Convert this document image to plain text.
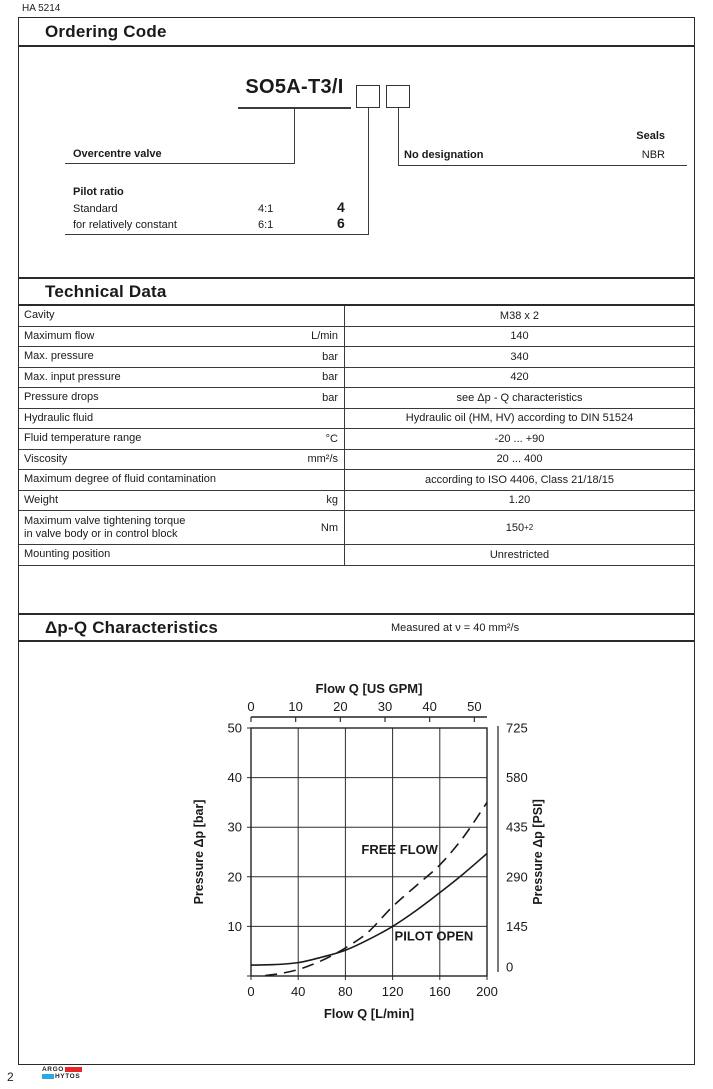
HA 5214
Ordering Code
SO5A-T3/I
Overcentre valve
Pilot ratio
Standard	4:1	4
for relatively constant	6:1	6
Seals
No designation	NBR
Technical Data
Cavity	M38 x 2
Maximum flow	L/min	140
Max. pressure	bar	340
Max. input pressure	bar	420
Pressure drops	bar	see Δp - Q characteristics
Hydraulic fluid	Hydraulic oil (HM, HV) according to DIN 51524
Fluid temperature range	°C	-20 ... +90
Viscosity	mm²/s	20 ... 400
Maximum degree of fluid contamination	according to ISO 4406, Class 21/18/15
Weight	kg	1.20
Maximum valve tightening torque
in valve body or in control block	Nm	150 +2
Mounting position	Unrestricted
Δp-Q Characteristics	Measured at ν = 40 mm²/s
0	10 20 30 40 50
Flow Q [US GPM]
10
20
30
40
50
Pressure Δp [bar]
0	40	80 120 160 200
Flow Q [L/min]
0
145
290
435
580
725
Pressure Δp [PSI]
FREE FLOW
PILOT OPEN
2
ARGO
HYTOS
